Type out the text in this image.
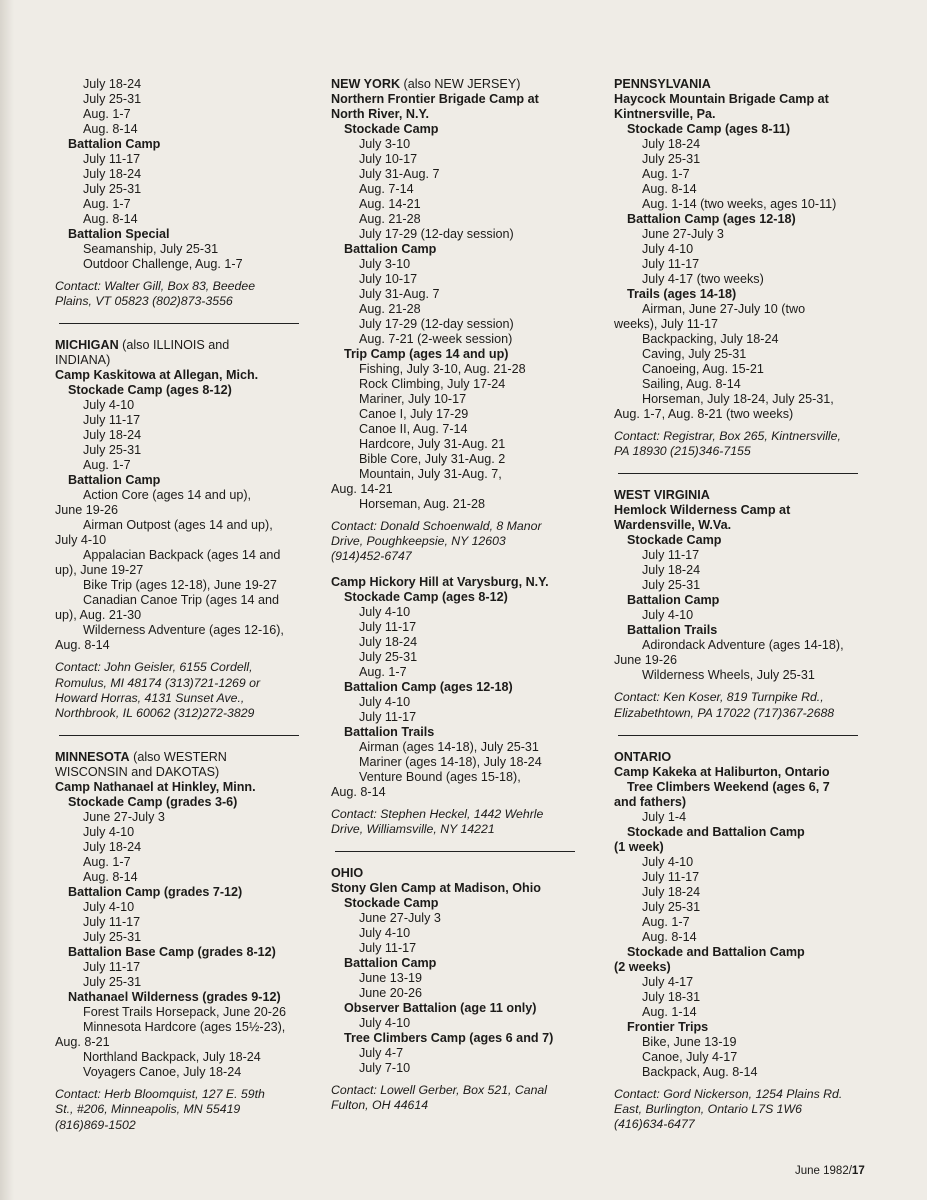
July 18-24
July 25-31
Aug. 1-7
Aug. 8-14
Battalion Camp
July 11-17
July 18-24
July 25-31
Aug. 1-7
Aug. 8-14
Battalion Special
Seamanship, July 25-31
Outdoor Challenge, Aug. 1-7
Contact: Walter Gill, Box 83, Beedee
Plains, VT 05823 (802)873-3556
MICHIGAN (also ILLINOIS and
INDIANA)
Camp Kaskitowa at Allegan, Mich.
Stockade Camp (ages 8-12)
July 4-10
July 11-17
July 18-24
July 25-31
Aug. 1-7
Battalion Camp
Action Core (ages 14 and up),
June 19-26
Airman Outpost (ages 14 and up),
July 4-10
Appalacian Backpack (ages 14 and
up), June 19-27
Bike Trip (ages 12-18), June 19-27
Canadian Canoe Trip (ages 14 and
up), Aug. 21-30
Wilderness Adventure (ages 12-16),
Aug. 8-14
Contact: John Geisler, 6155 Cordell,
Romulus, MI 48174 (313)721-1269 or
Howard Horras, 4131 Sunset Ave.,
Northbrook, IL 60062 (312)272-3829
MINNESOTA (also WESTERN
WISCONSIN and DAKOTAS)
Camp Nathanael at Hinkley, Minn.
Stockade Camp (grades 3-6)
June 27-July 3
July 4-10
July 18-24
Aug. 1-7
Aug. 8-14
Battalion Camp (grades 7-12)
July 4-10
July 11-17
July 25-31
Battalion Base Camp (grades 8-12)
July 11-17
July 25-31
Nathanael Wilderness (grades 9-12)
Forest Trails Horsepack, June 20-26
Minnesota Hardcore (ages 15½-23),
Aug. 8-21
Northland Backpack, July 18-24
Voyagers Canoe, July 18-24
Contact: Herb Bloomquist, 127 E. 59th
St., #206, Minneapolis, MN 55419
(816)869-1502
NEW YORK (also NEW JERSEY)
Northern Frontier Brigade Camp at
North River, N.Y.
Stockade Camp
July 3-10
July 10-17
July 31-Aug. 7
Aug. 7-14
Aug. 14-21
Aug. 21-28
July 17-29 (12-day session)
Battalion Camp
July 3-10
July 10-17
July 31-Aug. 7
Aug. 21-28
July 17-29 (12-day session)
Aug. 7-21 (2-week session)
Trip Camp (ages 14 and up)
Fishing, July 3-10, Aug. 21-28
Rock Climbing, July 17-24
Mariner, July 10-17
Canoe I, July 17-29
Canoe II, Aug. 7-14
Hardcore, July 31-Aug. 21
Bible Core, July 31-Aug. 2
Mountain, July 31-Aug. 7,
Aug. 14-21
Horseman, Aug. 21-28
Contact: Donald Schoenwald, 8 Manor
Drive, Poughkeepsie, NY 12603
(914)452-6747
Camp Hickory Hill at Varysburg, N.Y.
Stockade Camp (ages 8-12)
July 4-10
July 11-17
July 18-24
July 25-31
Aug. 1-7
Battalion Camp (ages 12-18)
July 4-10
July 11-17
Battalion Trails
Airman (ages 14-18), July 25-31
Mariner (ages 14-18), July 18-24
Venture Bound (ages 15-18),
Aug. 8-14
Contact: Stephen Heckel, 1442 Wehrle
Drive, Williamsville, NY 14221
OHIO
Stony Glen Camp at Madison, Ohio
Stockade Camp
June 27-July 3
July 4-10
July 11-17
Battalion Camp
June 13-19
June 20-26
Observer Battalion (age 11 only)
July 4-10
Tree Climbers Camp (ages 6 and 7)
July 4-7
July 7-10
Contact: Lowell Gerber, Box 521, Canal
Fulton, OH 44614
PENNSYLVANIA
Haycock Mountain Brigade Camp at
Kintnersville, Pa.
Stockade Camp (ages 8-11)
July 18-24
July 25-31
Aug. 1-7
Aug. 8-14
Aug. 1-14 (two weeks, ages 10-11)
Battalion Camp (ages 12-18)
June 27-July 3
July 4-10
July 11-17
July 4-17 (two weeks)
Trails (ages 14-18)
Airman, June 27-July 10 (two
weeks), July 11-17
Backpacking, July 18-24
Caving, July 25-31
Canoeing, Aug. 15-21
Sailing, Aug. 8-14
Horseman, July 18-24, July 25-31,
Aug. 1-7, Aug. 8-21 (two weeks)
Contact: Registrar, Box 265, Kintnersville,
PA 18930 (215)346-7155
WEST VIRGINIA
Hemlock Wilderness Camp at
Wardensville, W.Va.
Stockade Camp
July 11-17
July 18-24
July 25-31
Battalion Camp
July 4-10
Battalion Trails
Adirondack Adventure (ages 14-18),
June 19-26
Wilderness Wheels, July 25-31
Contact: Ken Koser, 819 Turnpike Rd.,
Elizabethtown, PA 17022 (717)367-2688
ONTARIO
Camp Kakeka at Haliburton, Ontario
Tree Climbers Weekend (ages 6, 7
and fathers)
July 1-4
Stockade and Battalion Camp
(1 week)
July 4-10
July 11-17
July 18-24
July 25-31
Aug. 1-7
Aug. 8-14
Stockade and Battalion Camp
(2 weeks)
July 4-17
July 18-31
Aug. 1-14
Frontier Trips
Bike, June 13-19
Canoe, July 4-17
Backpack, Aug. 8-14
Contact: Gord Nickerson, 1254 Plains Rd.
East, Burlington, Ontario L7S 1W6
(416)634-6477
June 1982/17
